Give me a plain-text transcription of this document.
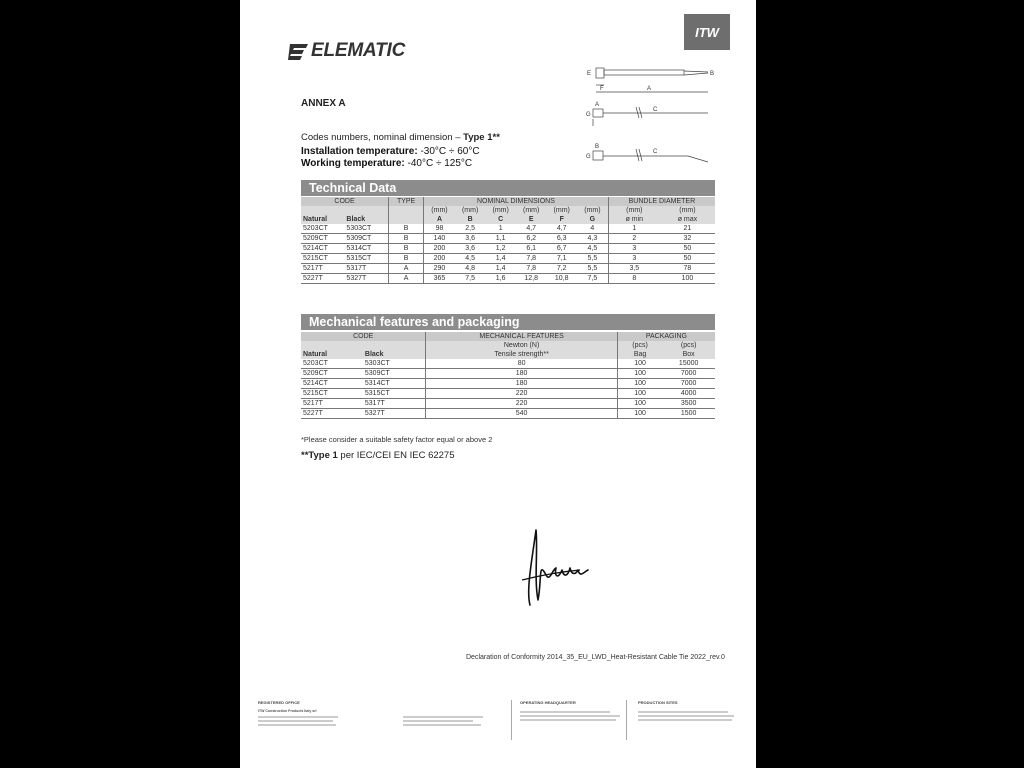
ELEMATIC
ITW
E
F	A
B
A
G
C
B
G
C
ANNEX A
Codes numbers, nominal dimension – Type 1**
Installation temperature: -30°C ÷ 60°C
Working temperature: -40°C ÷ 125°C
Technical Data
CODE		TYPE	NOMINAL DIMENSIONS						BUNDLE DIAMETER	
			(mm)	(mm)	(mm)	(mm)	(mm)	(mm)	(mm)	(mm)
Natural	Black		A	B	C	E	F	G	ø min	ø max
5203CT	5303CT	B	98	2,5	1	4,7	4,7	4	1	21
5209CT	5309CT	B	140	3,6	1,1	6,2	6,3	4,3	2	32
5214CT	5314CT	B	200	3,6	1,2	6,1	6,7	4,5	3	50
5215CT	5315CT	B	200	4,5	1,4	7,8	7,1	5,5	3	50
5217T	5317T	A	290	4,8	1,4	7,8	7,2	5,5	3,5	78
5227T	5327T	A	365	7,5	1,6	12,8	10,8	7,5	8	100
Mechanical features and packaging
CODE		MECHANICAL FEATURES	PACKAGING	
		Newton (N)	(pcs)	(pcs)
Natural	Black	Tensile strength**	Bag	Box
5203CT	5303CT	80	100	15000
5209CT	5309CT	180	100	7000
5214CT	5314CT	180	100	7000
5215CT	5315CT	220	100	4000
5217T	5317T	220	100	3500
5227T	5327T	540	100	1500
*Please consider a suitable safety factor equal or above 2
**Type 1 per IEC/CEI EN IEC 62275
Declaration of Conformity 2014_35_EU_LWD_Heat-Resistant Cable Tie 2022_rev.0
REGISTERED OFFICE
ITW Construction Products Italy srl
OPERATING HEADQUARTER	PRODUCTION SITES
